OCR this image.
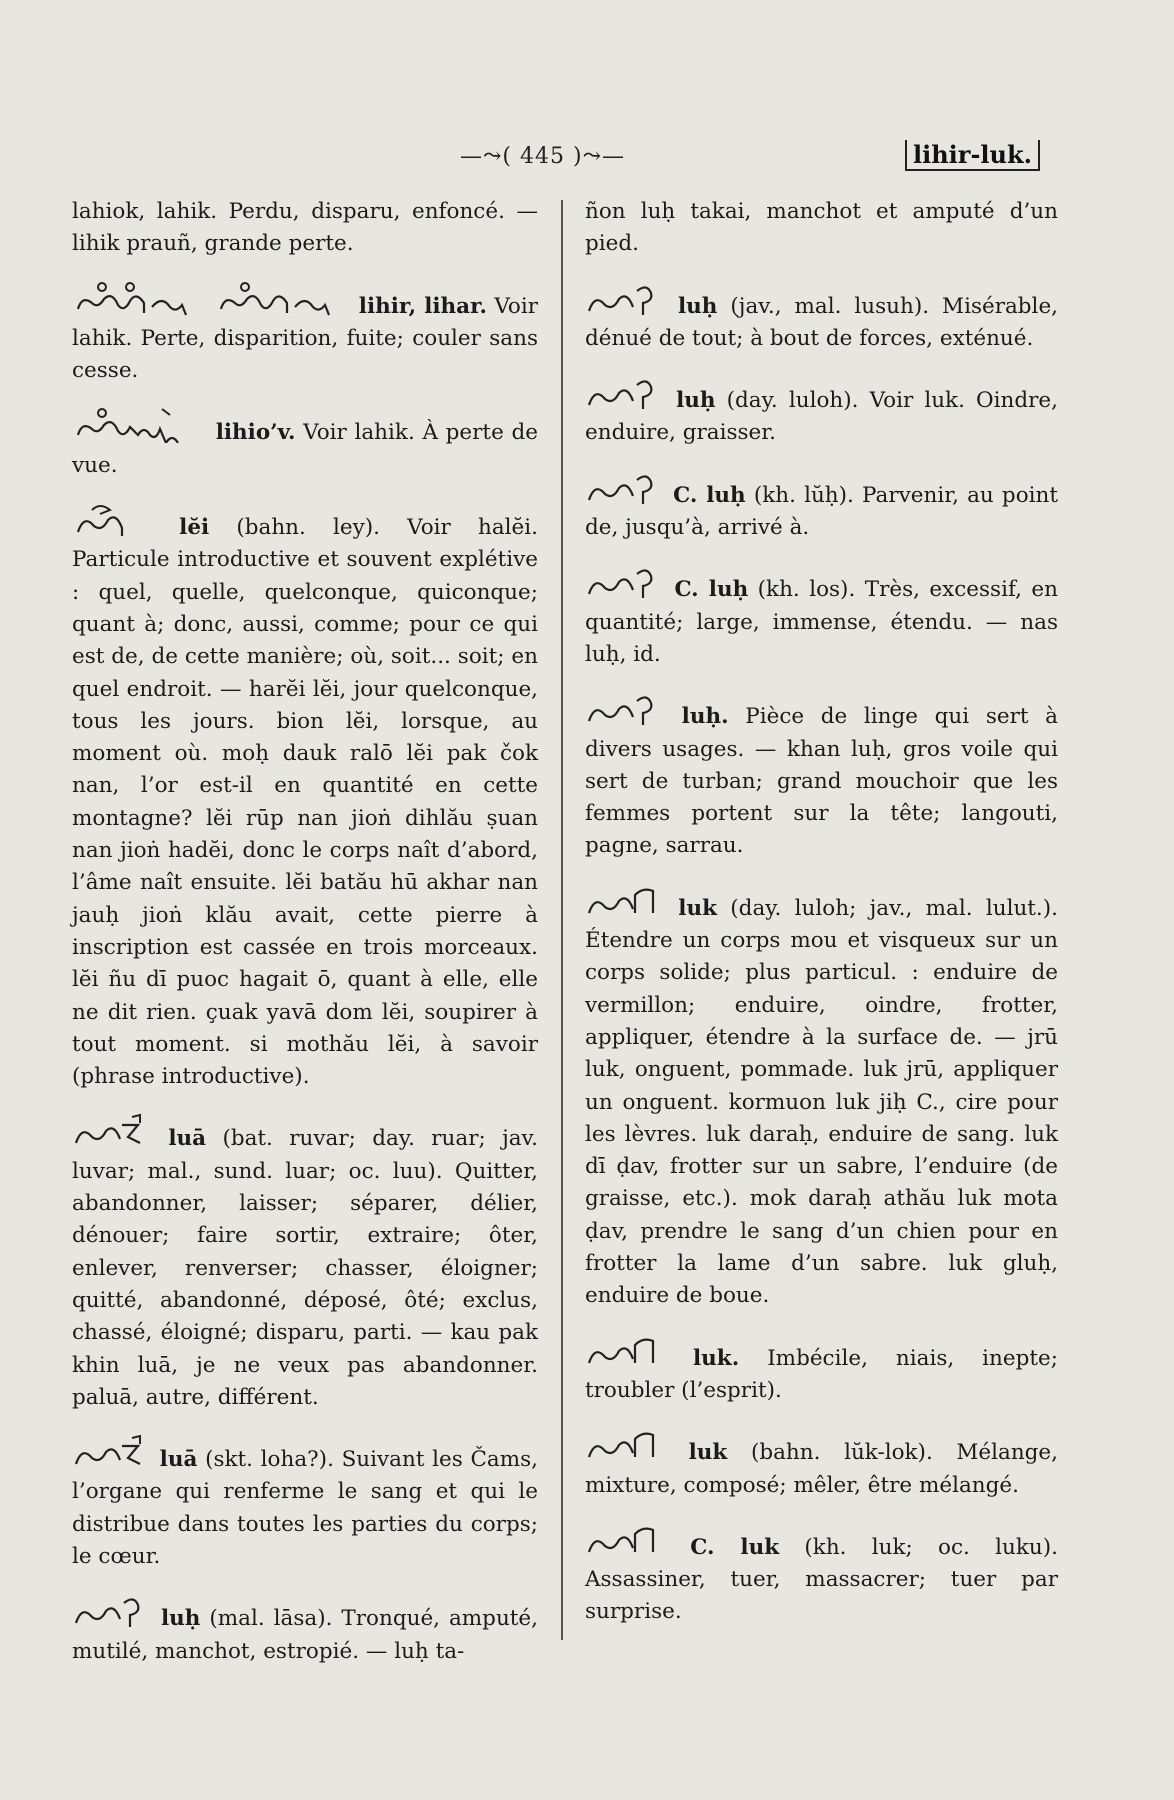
—⤳( 445 )⤳—	lihir-luk.

lahiok, lahik. Perdu, disparu, enfoncé. — lihik prauñ, grande perte.

lihir, lihar. Voir lahik. Perte, disparition, fuite; couler sans cesse.

lihio’v. Voir lahik. À perte de vue.

lĕi (bahn. ley). Voir halĕi. Particule introductive et souvent explétive : quel, quelle, quelconque, quiconque; quant à; donc, aussi, comme; pour ce qui est de, de cette manière; où, soit... soit; en quel endroit. — harĕi lĕi, jour quelconque, tous les jours. bion lĕi, lorsque, au moment où. moḥ dauk ralō lĕi pak čok nan, l’or est-il en quantité en cette montagne? lĕi rūp nan jioṅ dihlău ṣuan nan jioṅ hadĕi, donc le corps naît d’abord, l’âme naît ensuite. lĕi batău hū akhar nan jauḥ jioṅ klău avait, cette pierre à inscription est cassée en trois morceaux. lĕi ñu dī puoc hagait ō, quant à elle, elle ne dit rien. çuak yavā dom lĕi, soupirer à tout moment. si mothău lĕi, à savoir (phrase introductive).

luā (bat. ruvar; day. ruar; jav. luvar; mal., sund. luar; oc. luu). Quitter, abandonner, laisser; séparer, délier, dénouer; faire sortir, extraire; ôter, enlever, renverser; chasser, éloigner; quitté, abandonné, déposé, ôté; exclus, chassé, éloigné; disparu, parti. — kau pak khin luā, je ne veux pas abandonner. paluā, autre, différent.

luā (skt. loha?). Suivant les Čams, l’organe qui renferme le sang et qui le distribue dans toutes les parties du corps; le cœur.

luḥ (mal. lāsa). Tronqué, amputé, mutilé, manchot, estropié. — luḥ ta-

ñon luḥ takai, manchot et amputé d’un pied.

luḥ (jav., mal. lusuh). Misérable, dénué de tout; à bout de forces, exténué.

luḥ (day. luloh). Voir luk. Oindre, enduire, graisser.

C. luḥ (kh. lŭḥ). Parvenir, au point de, jusqu’à, arrivé à.

C. luḥ (kh. los). Très, excessif, en quantité; large, immense, étendu. — nas luḥ, id.

luḥ. Pièce de linge qui sert à divers usages. — khan luḥ, gros voile qui sert de turban; grand mouchoir que les femmes portent sur la tête; langouti, pagne, sarrau.

luk (day. luloh; jav., mal. lulut.). Étendre un corps mou et visqueux sur un corps solide; plus particul. : enduire de vermillon; enduire, oindre, frotter, appliquer, étendre à la surface de. — jrū luk, onguent, pommade. luk jrū, appliquer un onguent. kormuon luk jiḥ C., cire pour les lèvres. luk daraḥ, enduire de sang. luk dī ḍav, frotter sur un sabre, l’enduire (de graisse, etc.). mok daraḥ athău luk mota ḍav, prendre le sang d’un chien pour en frotter la lame d’un sabre. luk gluḥ, enduire de boue.

luk. Imbécile, niais, inepte; troubler (l’esprit).

luk (bahn. lŭk-lok). Mélange, mixture, composé; mêler, être mélangé.

C. luk (kh. luk; oc. luku). Assassiner, tuer, massacrer; tuer par surprise.
